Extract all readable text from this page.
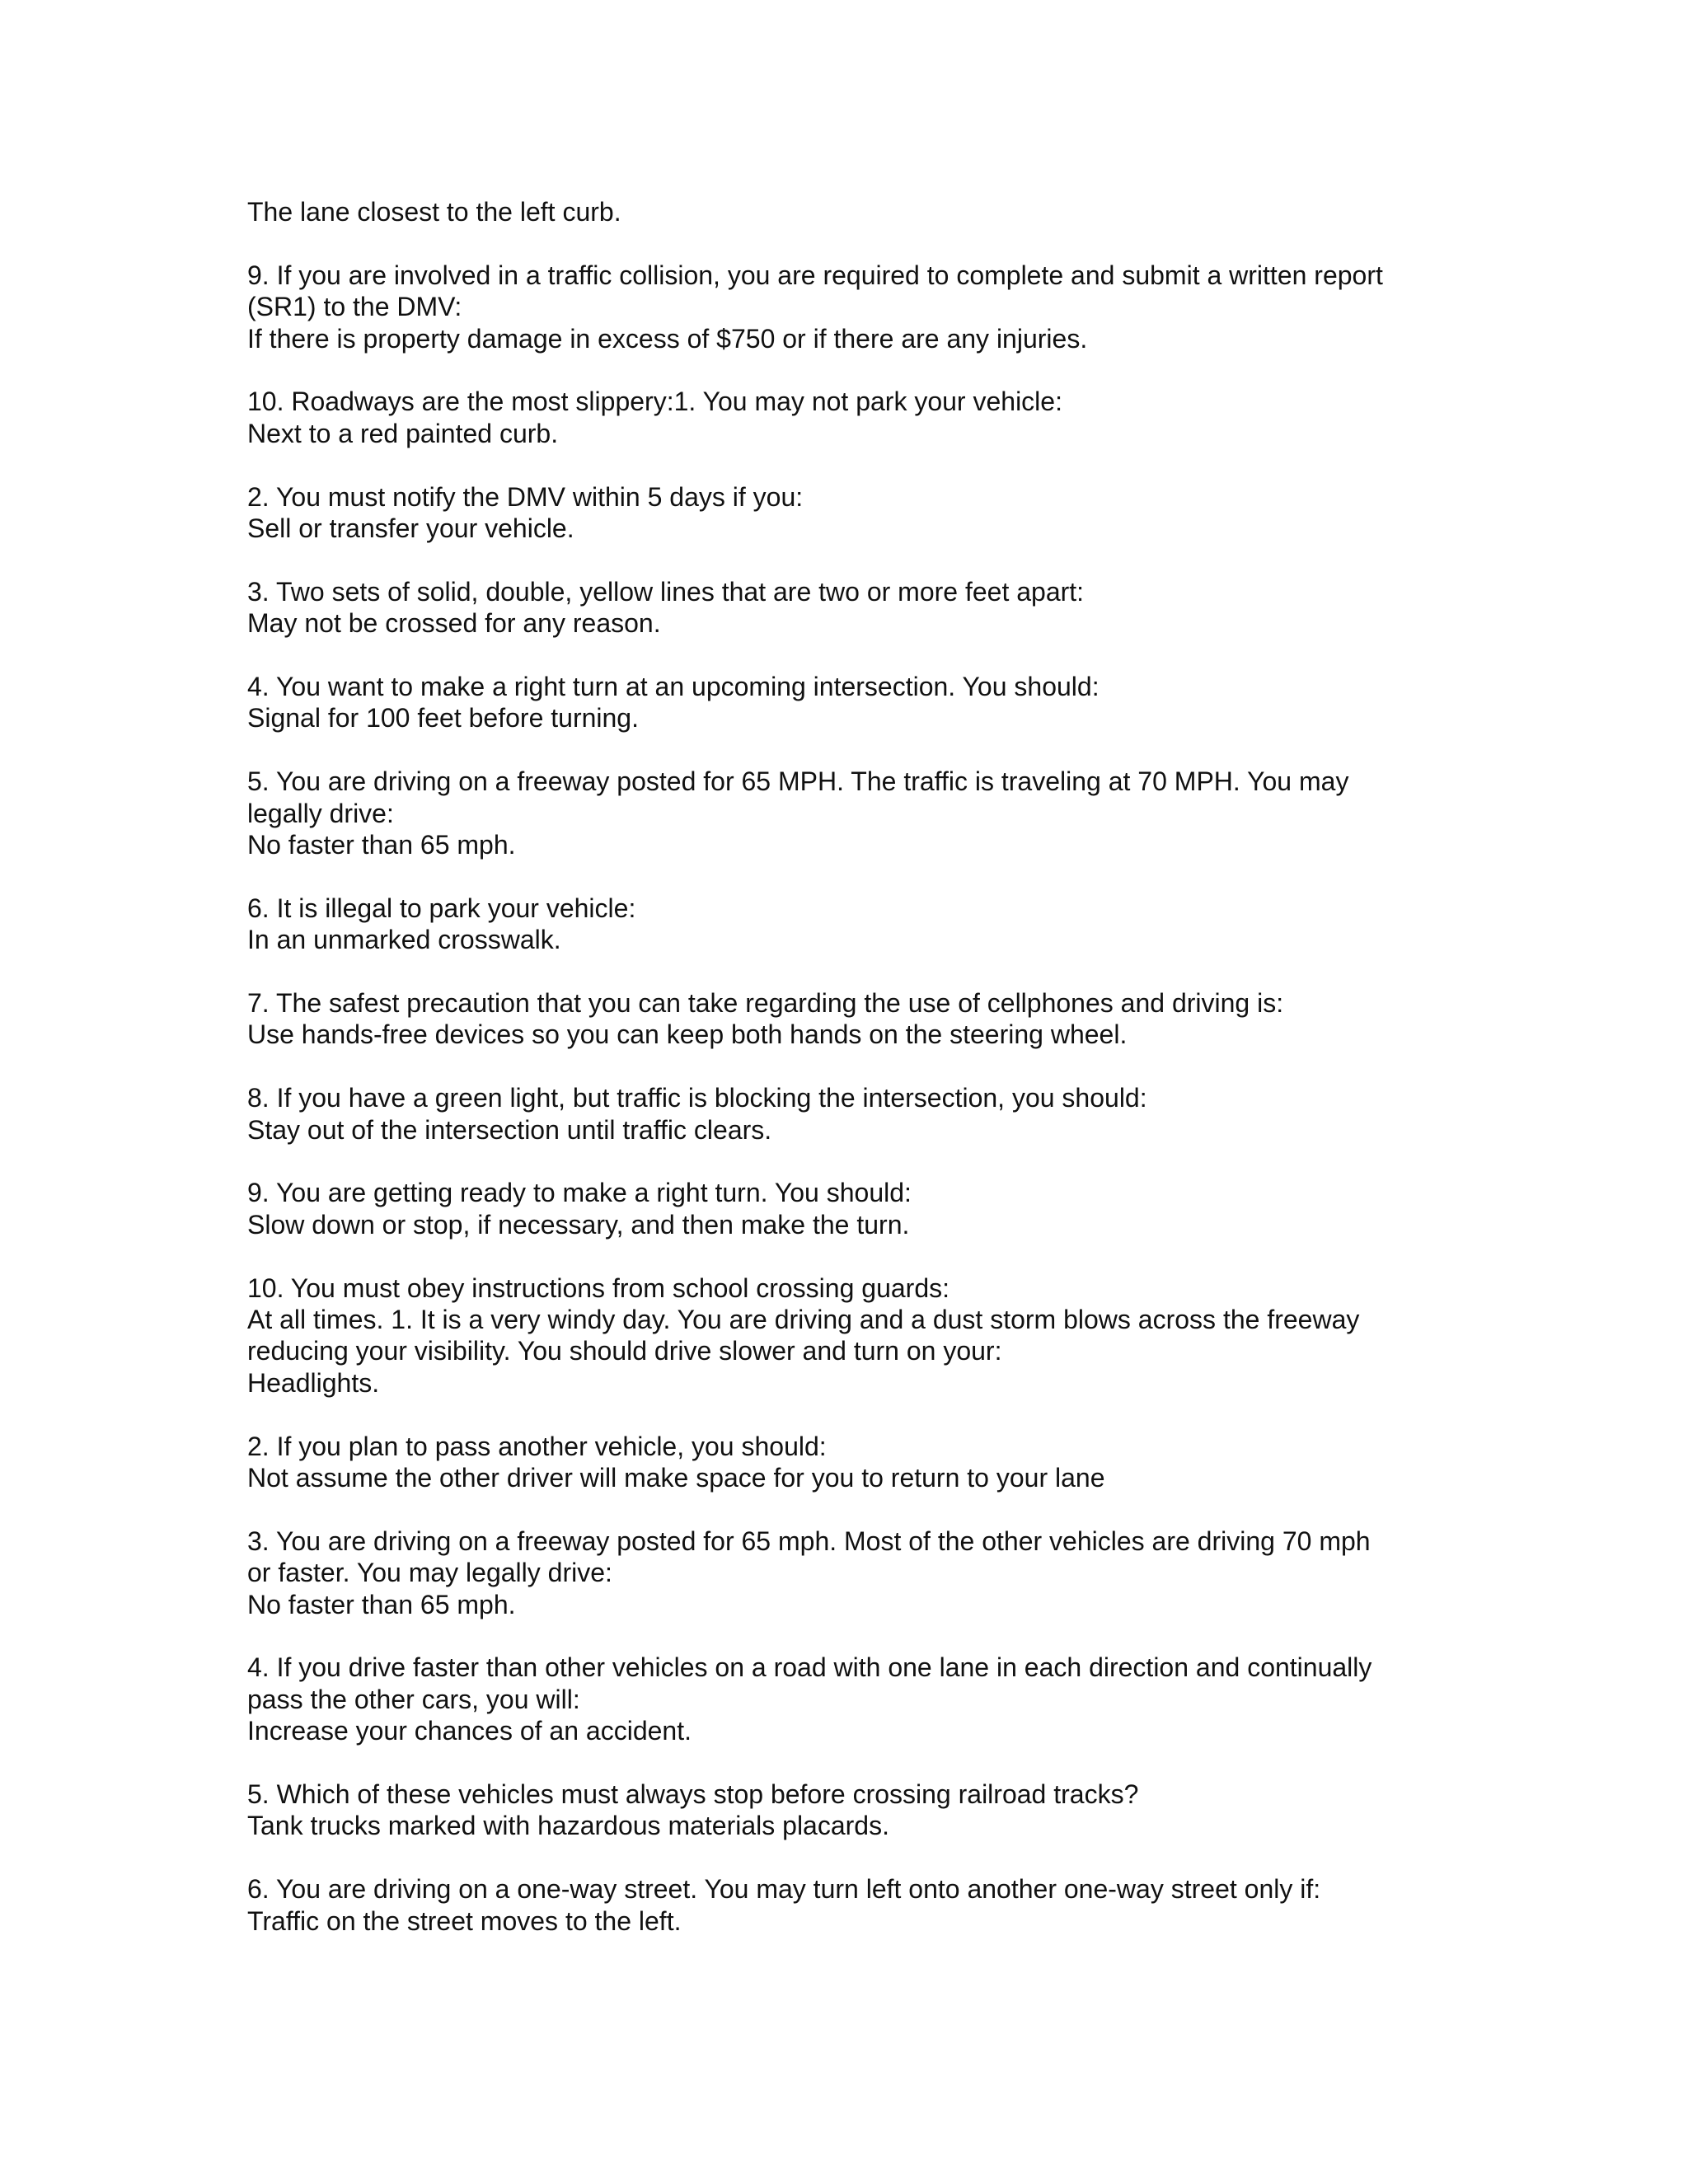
The lane closest to the left curb.
9. If you are involved in a traffic collision, you are required to complete and submit a written report
(SR1) to the DMV:
If there is property damage in excess of $750 or if there are any injuries.
10. Roadways are the most slippery:1. You may not park your vehicle:
Next to a red painted curb.
2. You must notify the DMV within 5 days if you:
Sell or transfer your vehicle.
3. Two sets of solid, double, yellow lines that are two or more feet apart:
May not be crossed for any reason.
4. You want to make a right turn at an upcoming intersection. You should:
Signal for 100 feet before turning.
5. You are driving on a freeway posted for 65 MPH. The traffic is traveling at 70 MPH. You may
legally drive:
No faster than 65 mph.
6. It is illegal to park your vehicle:
In an unmarked crosswalk.
7. The safest precaution that you can take regarding the use of cellphones and driving is:
Use hands-free devices so you can keep both hands on the steering wheel.
8. If you have a green light, but traffic is blocking the intersection, you should:
Stay out of the intersection until traffic clears.
9. You are getting ready to make a right turn. You should:
Slow down or stop, if necessary, and then make the turn.
10. You must obey instructions from school crossing guards:
At all times. 1. It is a very windy day. You are driving and a dust storm blows across the freeway
reducing your visibility. You should drive slower and turn on your:
Headlights.
2. If you plan to pass another vehicle, you should:
Not assume the other driver will make space for you to return to your lane
3. You are driving on a freeway posted for 65 mph. Most of the other vehicles are driving 70 mph
or faster. You may legally drive:
No faster than 65 mph.
4. If you drive faster than other vehicles on a road with one lane in each direction and continually
pass the other cars, you will:
Increase your chances of an accident.
5. Which of these vehicles must always stop before crossing railroad tracks?
Tank trucks marked with hazardous materials placards.
6. You are driving on a one-way street. You may turn left onto another one-way street only if:
Traffic on the street moves to the left.
